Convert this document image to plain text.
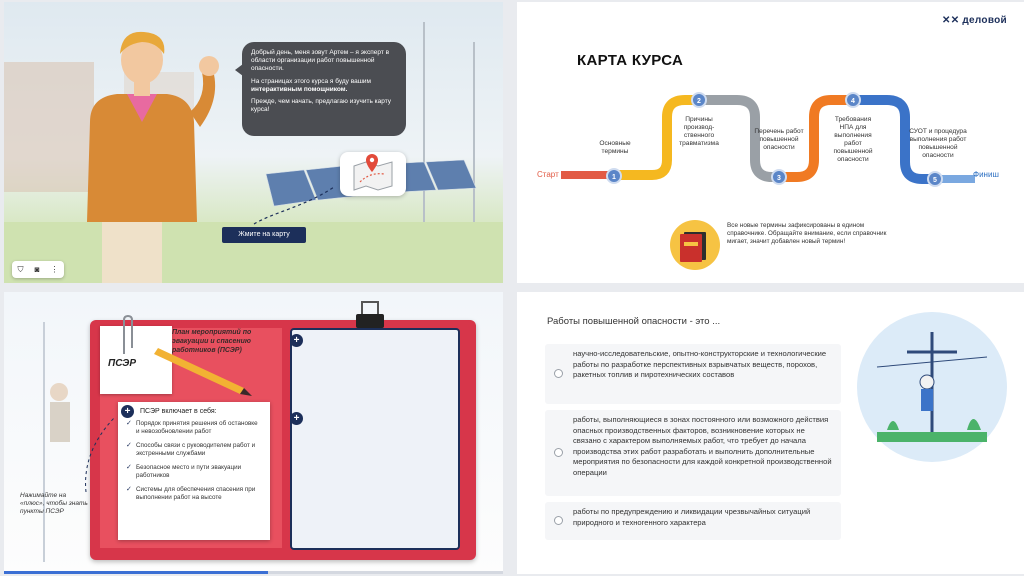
Добрый день, меня зовут Артем – я эксперт в области организации работ повышенной опасности.

На страницах этого курса я буду вашим интерактивным помощником.

Прежде, чем начать, предлагаю изучить карту курса!

Жмите на карту
⛉ ◙ ⋮
✕✕ деловой
КАРТА КУРСА
1
2
3
4
5
Основные термины
Причины производ-ственного травматизма
Перечень работ повышенной опасности
Требования НПА для выполнения работ повышенной опасности
СУОТ и процедура выполнения работ повышенной опасности
Старт	Финиш
Все новые термины зафиксированы в едином справочнике. Обращайте внимание, если справочник мигает, значит добавлен новый термин!
ПСЭР
План мероприятий по эвакуации и спасению работников (ПСЭР)
ПСЭР включает в себя:
✓ Порядок принятия решения об остановке и невозобновлении работ
✓ Способы связи с руководителем работ и экстренными службами
✓ Безопасное место и пути эвакуации работников
✓ Системы для обеспечения спасения при выполнении работ на высоте
+
+
+
Нажимайте на «плюс», чтобы знать пункты ПСЭР
Работы повышенной опасности - это ...
научно-исследовательские, опытно-конструкторские и технологические работы по разработке перспективных взрывчатых веществ, порохов, ракетных топлив и пиротехнических составов
работы, выполняющиеся в зонах постоянного или возможного действия опасных производственных факторов, возникновение которых не связано с характером выполняемых работ, что требует до начала производства этих работ разработать и выполнить дополнительные мероприятия по безопасности для каждой конкретной производственной операции
работы по предупреждению и ликвидации чрезвычайных ситуаций природного и техногенного характера
